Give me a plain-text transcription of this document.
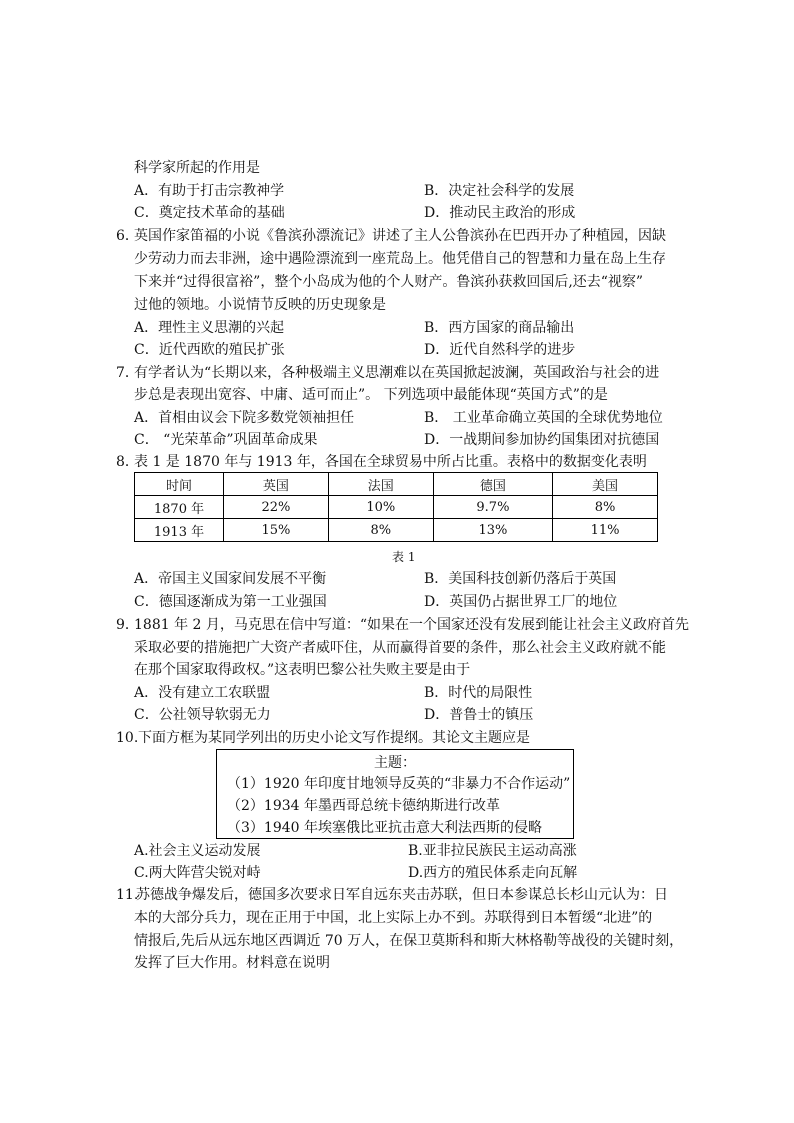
科学家所起的作用是
A．有助于打击宗教神学	B．决定社会科学的发展
C．奠定技术革命的基础	D．推动民主政治的形成
6．
英国作家笛福的小说《鲁滨孙漂流记》讲述了主人公鲁滨孙在巴西开办了种植园，因缺
少劳动力而去非洲，途中遇险漂流到一座荒岛上。他凭借自己的智慧和力量在岛上生存
下来并“过得很富裕”，整个小岛成为他的个人财产。鲁滨孙获救回国后,还去“视察”
过他的领地。小说情节反映的历史现象是
A．理性主义思潮的兴起	B．西方国家的商品输出
C．近代西欧的殖民扩张	D．近代自然科学的进步
7．
有学者认为“长期以来，各种极端主义思潮难以在英国掀起波澜，英国政治与社会的进
步总是表现出宽容、中庸、适可而止”。 下列选项中最能体现“英国方式”的是
A．首相由议会下院多数党领袖担任	B． 工业革命确立英国的全球优势地位
C． “光荣革命”巩固革命成果	D．一战期间参加协约国集团对抗德国
8．
表 1 是 1870 年与 1913 年，各国在全球贸易中所占比重。表格中的数据变化表明
时间	英国	法国	德国	美国
1870 年	22%	10%	9.7%	8%
1913 年	15%	8%	13%	11%
表 1
A．帝国主义国家间发展不平衡	B．美国科技创新仍落后于英国
C．德国逐渐成为第一工业强国	D．英国仍占据世界工厂的地位
9．
1881 年 2 月，马克思在信中写道：“如果在一个国家还没有发展到能让社会主义政府首先
采取必要的措施把广大资产者威吓住，从而赢得首要的条件，那么社会主义政府就不能
在那个国家取得政权。”这表明巴黎公社失败主要是由于
A．没有建立工农联盟	B．时代的局限性
C．公社领导软弱无力	D．普鲁士的镇压
10. 下面方框为某同学列出的历史小论文写作提纲。其论文主题应是
主题：
（1）1920 年印度甘地领导反英的“非暴力不合作运动”
（2）1934 年墨西哥总统卡德纳斯进行改革
（3）1940 年埃塞俄比亚抗击意大利法西斯的侵略
A.社会主义运动发展	B.亚非拉民族民主运动高涨
C.两大阵营尖锐对峙	D.西方的殖民体系走向瓦解
11.
苏德战争爆发后，德国多次要求日军自远东夹击苏联，但日本参谋总长杉山元认为：日
本的大部分兵力，现在正用于中国，北上实际上办不到。苏联得到日本暂缓“北进”的
情报后,先后从远东地区西调近 70 万人，在保卫莫斯科和斯大林格勒等战役的关键时刻，
发挥了巨大作用。材料意在说明
